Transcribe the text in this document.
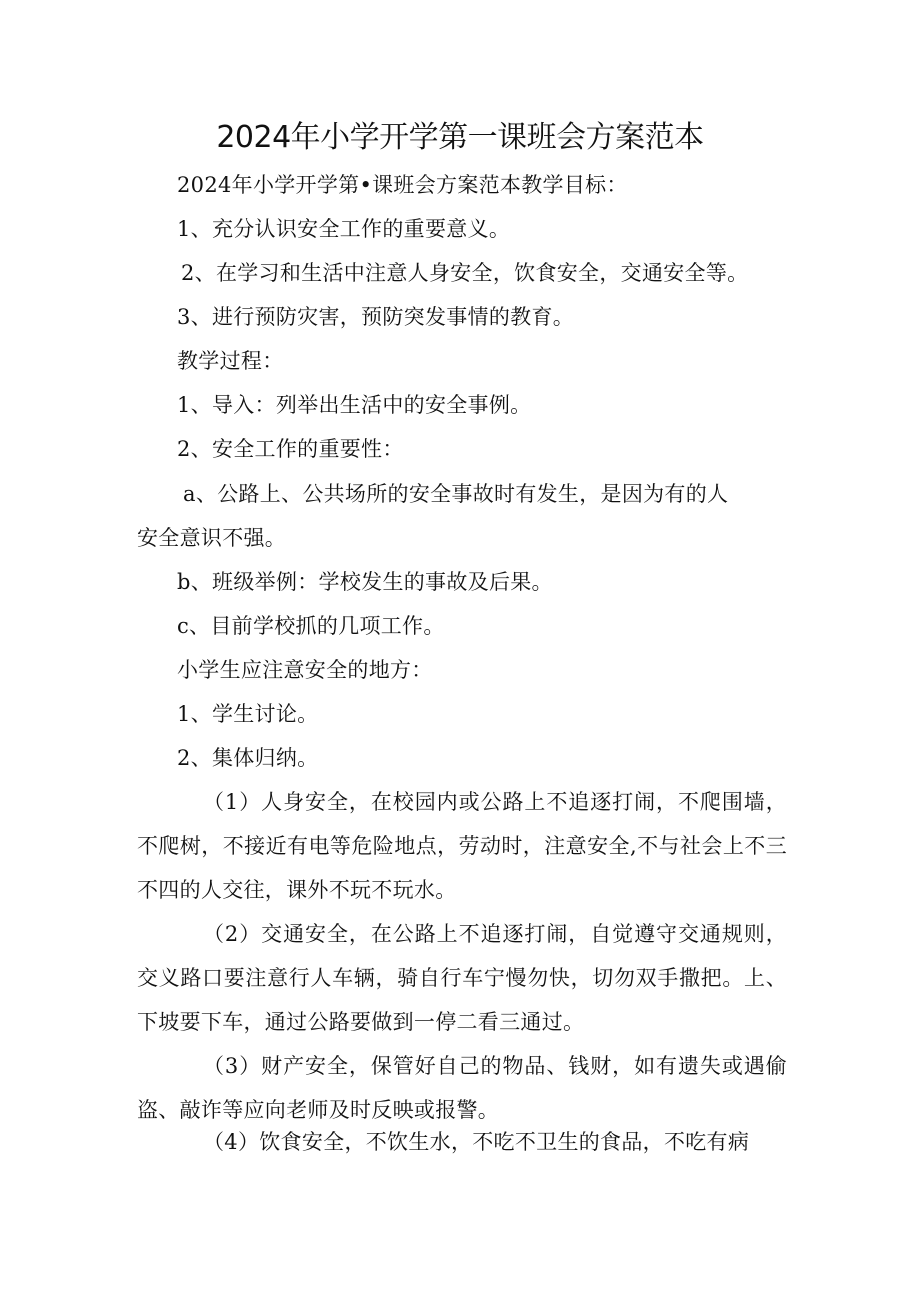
2024年小学开学第一课班会方案范本
2024年小学开学第•课班会方案范本教学目标：
1、充分认识安全工作的重要意义。
2、在学习和生活中注意人身安全，饮食安全，交通安全等。
3、进行预防灾害，预防突发事情的教育。
教学过程：
1、导入：列举出生活中的安全事例。
2、安全工作的重要性：
a、公路上、公共场所的安全事故时有发生，是因为有的人
安全意识不强。
b、班级举例：学校发生的事故及后果。
c、目前学校抓的几项工作。
小学生应注意安全的地方：
1、学生讨论。
2、集体归纳。
（1）人身安全，在校园内或公路上不追逐打闹，不爬围墙，不爬树，不接近有电等危险地点，劳动时，注意安全,不与社会上不三不四的人交往，课外不玩不玩水。
（2）交通安全，在公路上不追逐打闹，自觉遵守交通规则，交义路口要注意行人车辆，骑自行车宁慢勿快，切勿双手撒把。上、下坡要下车，通过公路要做到一停二看三通过。
（3）财产安全，保管好自己的物品、钱财，如有遗失或遇偷盗、敲诈等应向老师及时反映或报警。
（4）饮食安全，不饮生水，不吃不卫生的食品，不吃有病
